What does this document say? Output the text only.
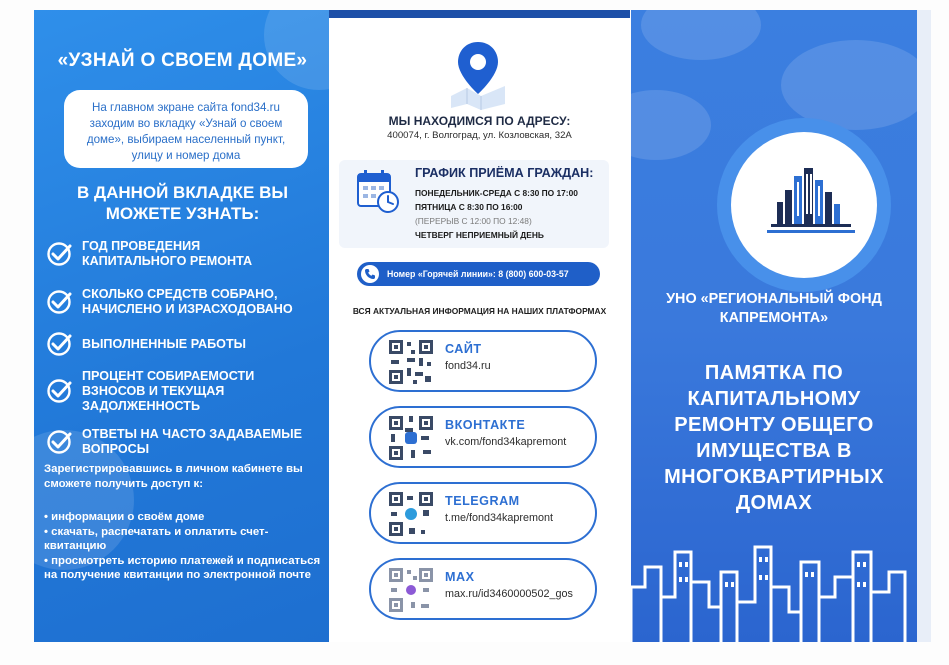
«УЗНАЙ О СВОЕМ ДОМЕ»
На главном экране сайта fond34.ru заходим во вкладку «Узнай о своем доме», выбираем населенный пункт, улицу и номер дома
В ДАННОЙ ВКЛАДКЕ ВЫ
МОЖЕТЕ УЗНАТЬ:
ГОД ПРОВЕДЕНИЯ
КАПИТАЛЬНОГО РЕМОНТА
СКОЛЬКО СРЕДСТВ СОБРАНО,
НАЧИСЛЕНО И ИЗРАСХОДОВАНО
ВЫПОЛНЕННЫЕ РАБОТЫ
ПРОЦЕНТ СОБИРАЕМОСТИ
ВЗНОСОВ И ТЕКУЩАЯ
ЗАДОЛЖЕННОСТЬ
ОТВЕТЫ НА ЧАСТО ЗАДАВАЕМЫЕ
ВОПРОСЫ
Зарегистрировавшись в личном кабинете вы сможете получить доступ к:
• информации о своём доме
• скачать, распечатать и оплатить счет-квитанцию
• просмотреть историю платежей и подписаться на получение квитанции по электронной почте
МЫ НАХОДИМСЯ ПО АДРЕСУ:
400074, г. Волгоград, ул. Козловская, 32А
ГРАФИК ПРИЁМА ГРАЖДАН:
ПОНЕДЕЛЬНИК-СРЕДА С 8:30 ПО 17:00
ПЯТНИЦА С 8:30 ПО 16:00
(ПЕРЕРЫВ С 12:00 ПО 12:48)
ЧЕТВЕРГ НЕПРИЕМНЫЙ ДЕНЬ
Номер «Горячей линии»: 8 (800) 600-03-57
ВСЯ АКТУАЛЬНАЯ ИНФОРМАЦИЯ НА НАШИХ ПЛАТФОРМАХ
САЙТ
fond34.ru
ВКОНТАКТЕ
vk.com/fond34kapremont
TELEGRAM
t.me/fond34kapremont
MAX
max.ru/id3460000502_gos
УНО «РЕГИОНАЛЬНЫЙ ФОНД
КАПРЕМОНТА»
ПАМЯТКА ПО
КАПИТАЛЬНОМУ
РЕМОНТУ ОБЩЕГО
ИМУЩЕСТВА В
МНОГОКВАРТИРНЫХ
ДОМАХ
